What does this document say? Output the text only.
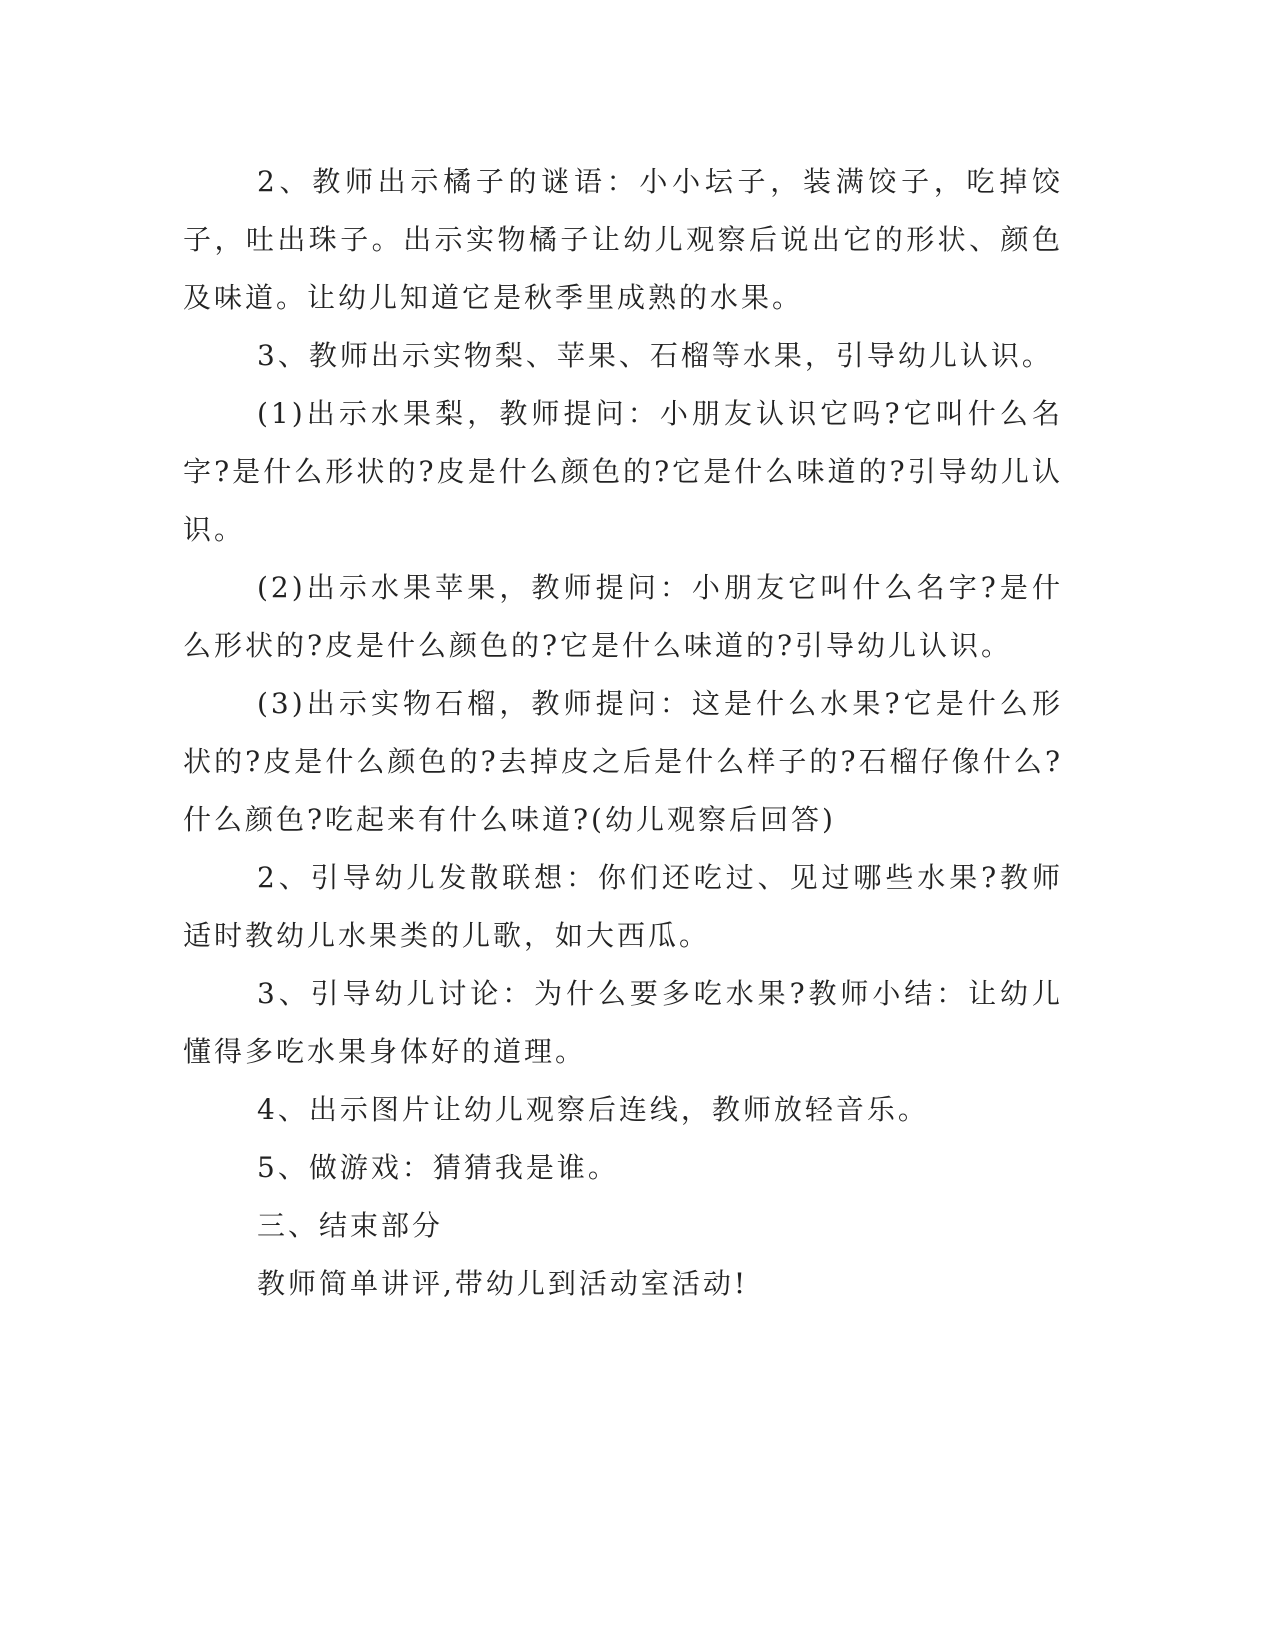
2、教师出示橘子的谜语：小小坛子，装满饺子，吃掉饺子，吐出珠子。出示实物橘子让幼儿观察后说出它的形状、颜色及味道。让幼儿知道它是秋季里成熟的水果。

3、教师出示实物梨、苹果、石榴等水果，引导幼儿认识。

(1)出示水果梨，教师提问：小朋友认识它吗?它叫什么名字?是什么形状的?皮是什么颜色的?它是什么味道的?引导幼儿认识。

(2)出示水果苹果，教师提问：小朋友它叫什么名字?是什么形状的?皮是什么颜色的?它是什么味道的?引导幼儿认识。

(3)出示实物石榴，教师提问：这是什么水果?它是什么形状的?皮是什么颜色的?去掉皮之后是什么样子的?石榴仔像什么?什么颜色?吃起来有什么味道?(幼儿观察后回答)

2、引导幼儿发散联想：你们还吃过、见过哪些水果?教师适时教幼儿水果类的儿歌，如大西瓜。

3、引导幼儿讨论：为什么要多吃水果?教师小结：让幼儿懂得多吃水果身体好的道理。

4、出示图片让幼儿观察后连线，教师放轻音乐。

5、做游戏：猜猜我是谁。

三、结束部分

教师简单讲评,带幼儿到活动室活动!
